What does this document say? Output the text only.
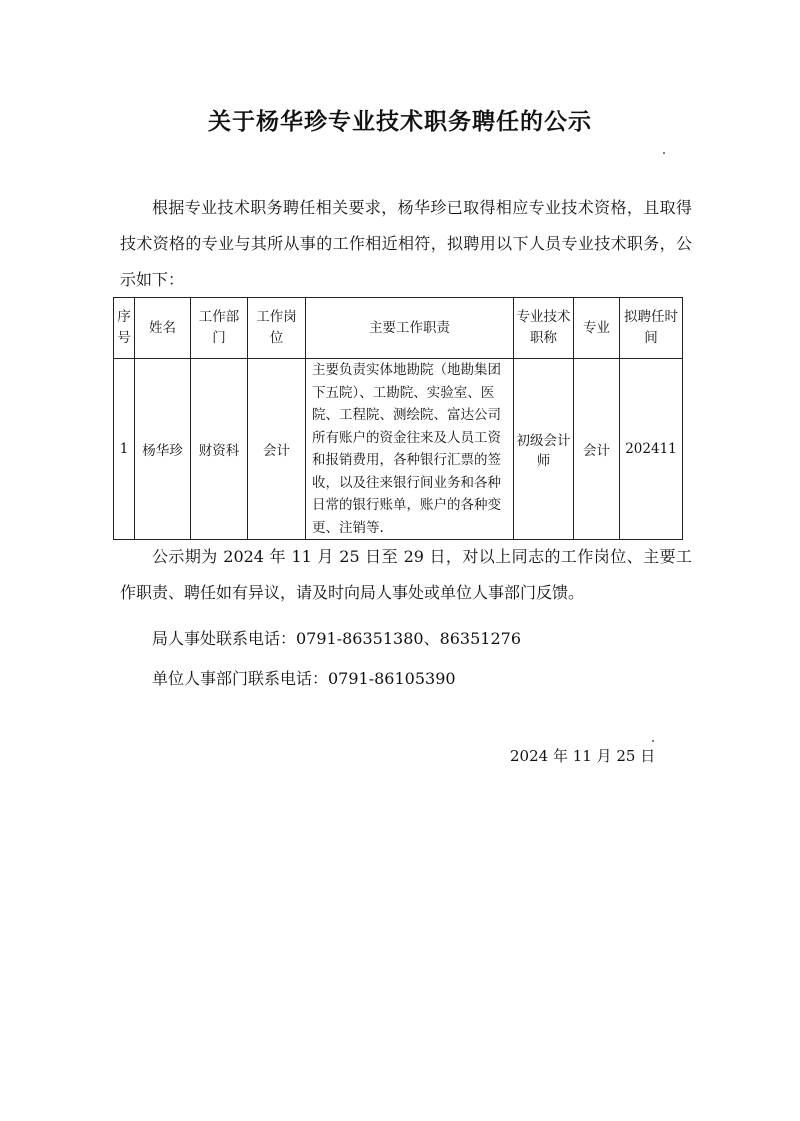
关于杨华珍专业技术职务聘任的公示
根据专业技术职务聘任相关要求，杨华珍已取得相应专业技术资格，且取得技术资格的专业与其所从事的工作相近相符，拟聘用以下人员专业技术职务，公示如下：
序号	姓名	工作部门	工作岗位	主要工作职责	专业技术职称	专业	拟聘任时间
1	杨华珍	财资科	会计	主要负责实体地勘院（地勘集团下五院）、工勘院、实验室、医院、工程院、测绘院、富达公司所有账户的资金往来及人员工资和报销费用，各种银行汇票的签收，以及往来银行间业务和各种日常的银行账单，账户的各种变更、注销等.	初级会计师	会计	202411
公示期为 2024 年 11 月 25 日至 29 日，对以上同志的工作岗位、主要工作职责、聘任如有异议，请及时向局人事处或单位人事部门反馈。
局人事处联系电话：0791-86351380、86351276
单位人事部门联系电话：0791-86105390
2024 年 11 月 25 日
